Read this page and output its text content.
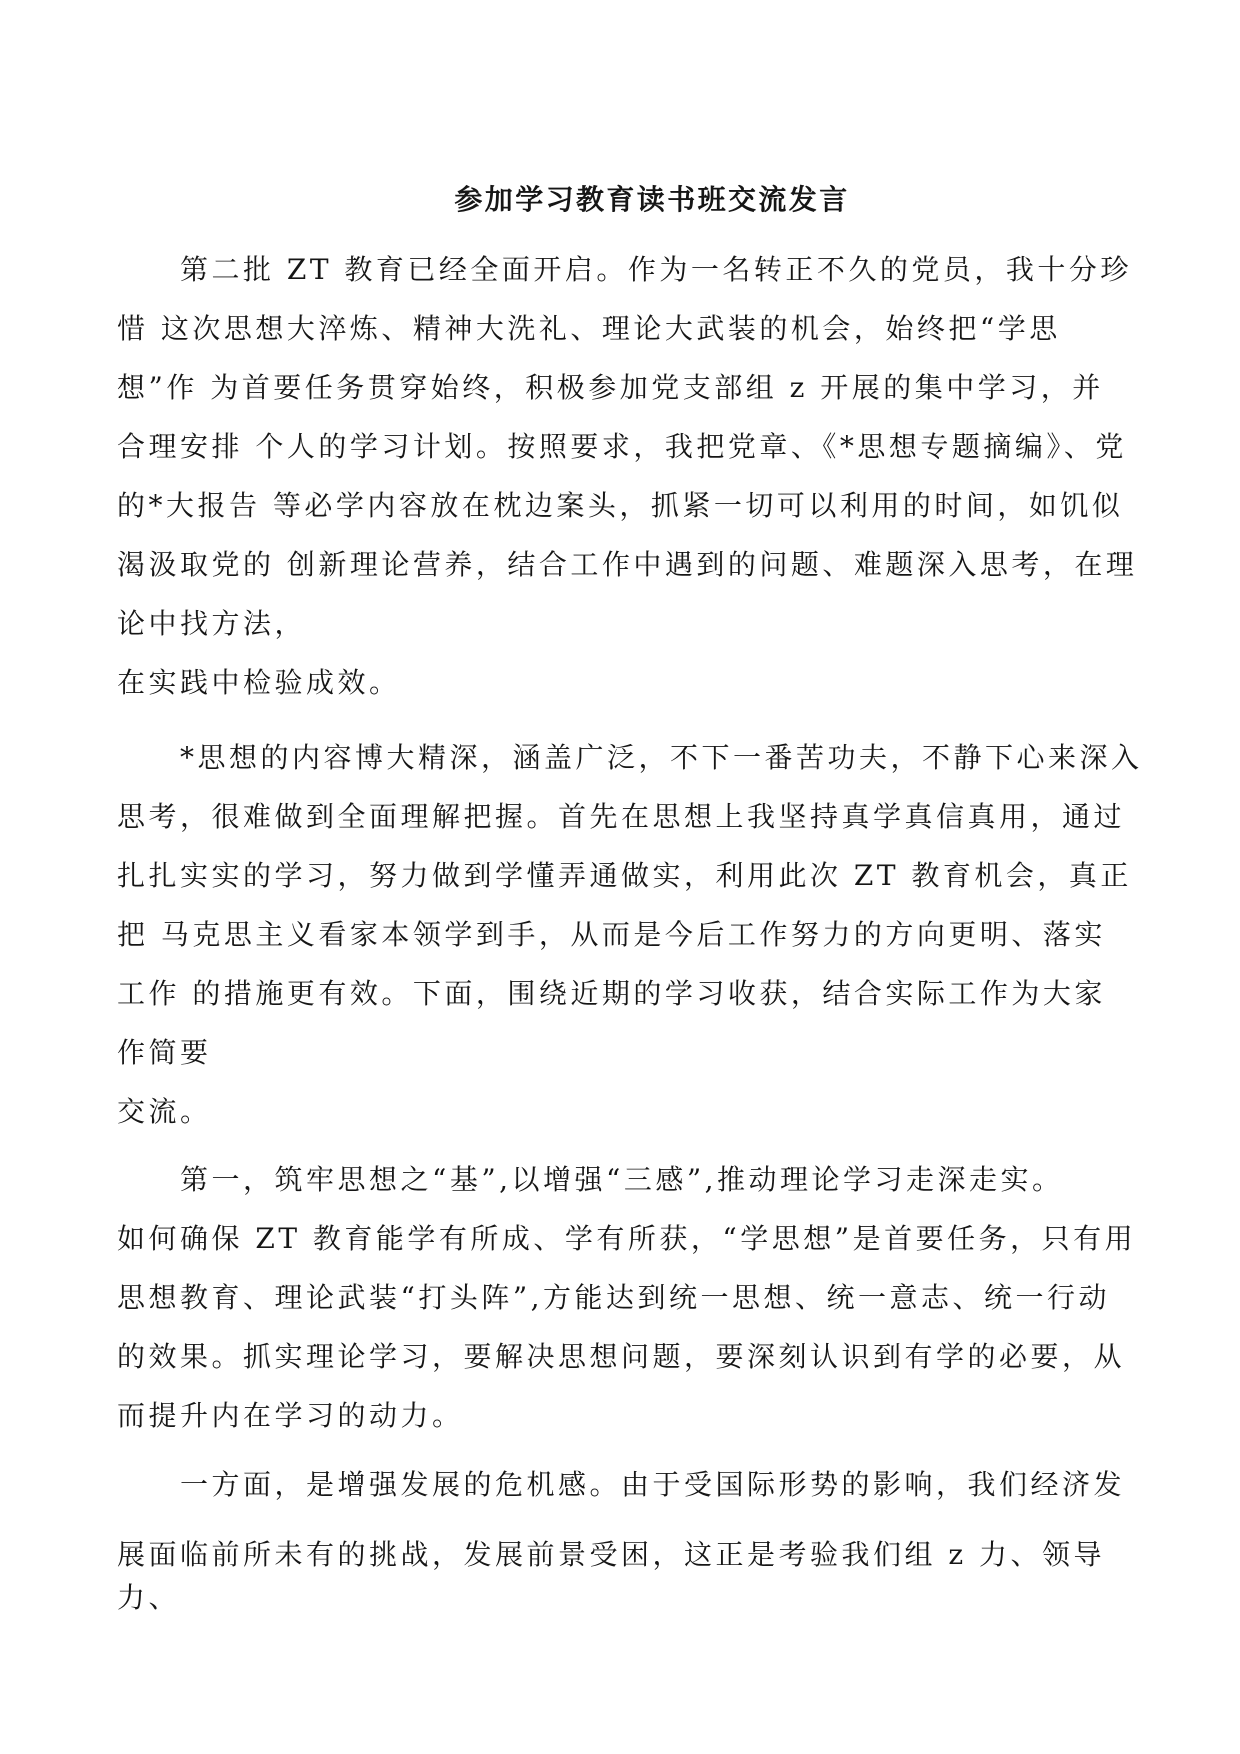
参加学习教育读书班交流发言
第二批 ZT 教育已经全面开启。作为一名转正不久的党员，我十分珍
惜 这次思想大淬炼、精神大洗礼、理论大武装的机会，始终把“学思
想”作 为首要任务贯穿始终，积极参加党支部组 z 开展的集中学习，并
合理安排 个人的学习计划。按照要求，我把党章、《*思想专题摘编》、党
的*大报告 等必学内容放在枕边案头，抓紧一切可以利用的时间，如饥似
渴汲取党的 创新理论营养，结合工作中遇到的问题、难题深入思考，在理
论中找方法，
在实践中检验成效。
*思想的内容博大精深，涵盖广泛，不下一番苦功夫，不静下心来深入
思考，很难做到全面理解把握。首先在思想上我坚持真学真信真用，通过
扎扎实实的学习，努力做到学懂弄通做实，利用此次 ZT 教育机会，真正
把 马克思主义看家本领学到手，从而是今后工作努力的方向更明、落实
工作 的措施更有效。下面，围绕近期的学习收获，结合实际工作为大家
作简要
交流。
第一，筑牢思想之“基”,以增强“三感”,推动理论学习走深走实。
如何确保 ZT 教育能学有所成、学有所获，“学思想”是首要任务，只有用
思想教育、理论武装“打头阵”,方能达到统一思想、统一意志、统一行动
的效果。抓实理论学习，要解决思想问题，要深刻认识到有学的必要，从
而提升内在学习的动力。
一方面，是增强发展的危机感。由于受国际形势的影响，我们经济发
展面临前所未有的挑战，发展前景受困，这正是考验我们组 z 力、领导
力、
